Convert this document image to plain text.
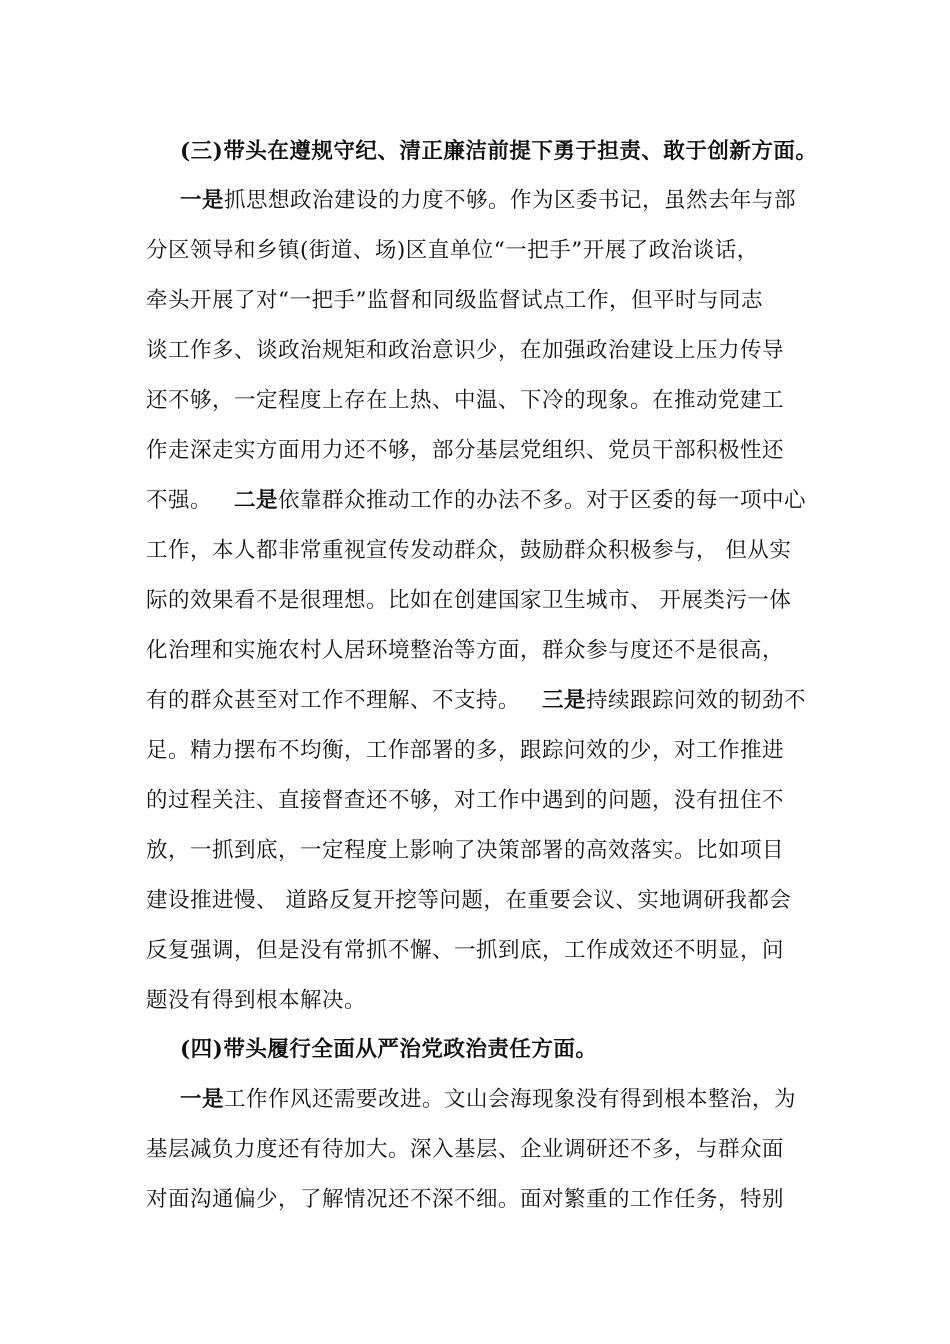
(三)带头在遵规守纪、清正廉洁前提下勇于担责、敢于创新方面。
一是抓思想政治建设的力度不够。作为区委书记，虽然去年与部
分区领导和乡镇(街道、场)区直单位“一把手”开展了政治谈话，
牵头开展了对“一把手”监督和同级监督试点工作，但平时与同志
谈工作多、谈政治规矩和政治意识少，在加强政治建设上压力传导
还不够，一定程度上存在上热、中温、下冷的现象。在推动党建工
作走深走实方面用力还不够，部分基层党组织、党员干部积极性还
不强。 二是依靠群众推动工作的办法不多。对于区委的每一项中心
工作，本人都非常重视宣传发动群众，鼓励群众积极参与， 但从实
际的效果看不是很理想。比如在创建国家卫生城市、 开展类污一体
化治理和实施农村人居环境整治等方面，群众参与度还不是很高，
有的群众甚至对工作不理解、不支持。 三是持续跟踪问效的韧劲不
足。精力摆布不均衡，工作部署的多，跟踪问效的少，对工作推进
的过程关注、直接督查还不够，对工作中遇到的问题，没有扭住不
放，一抓到底，一定程度上影响了决策部署的高效落实。比如项目
建设推进慢、 道路反复开挖等问题，在重要会议、实地调研我都会
反复强调，但是没有常抓不懈、一抓到底，工作成效还不明显，问
题没有得到根本解决。
(四)带头履行全面从严治党政治责任方面。
一是工作作风还需要改进。文山会海现象没有得到根本整治，为
基层减负力度还有待加大。深入基层、企业调研还不多，与群众面
对面沟通偏少，了解情况还不深不细。面对繁重的工作任务，特别
